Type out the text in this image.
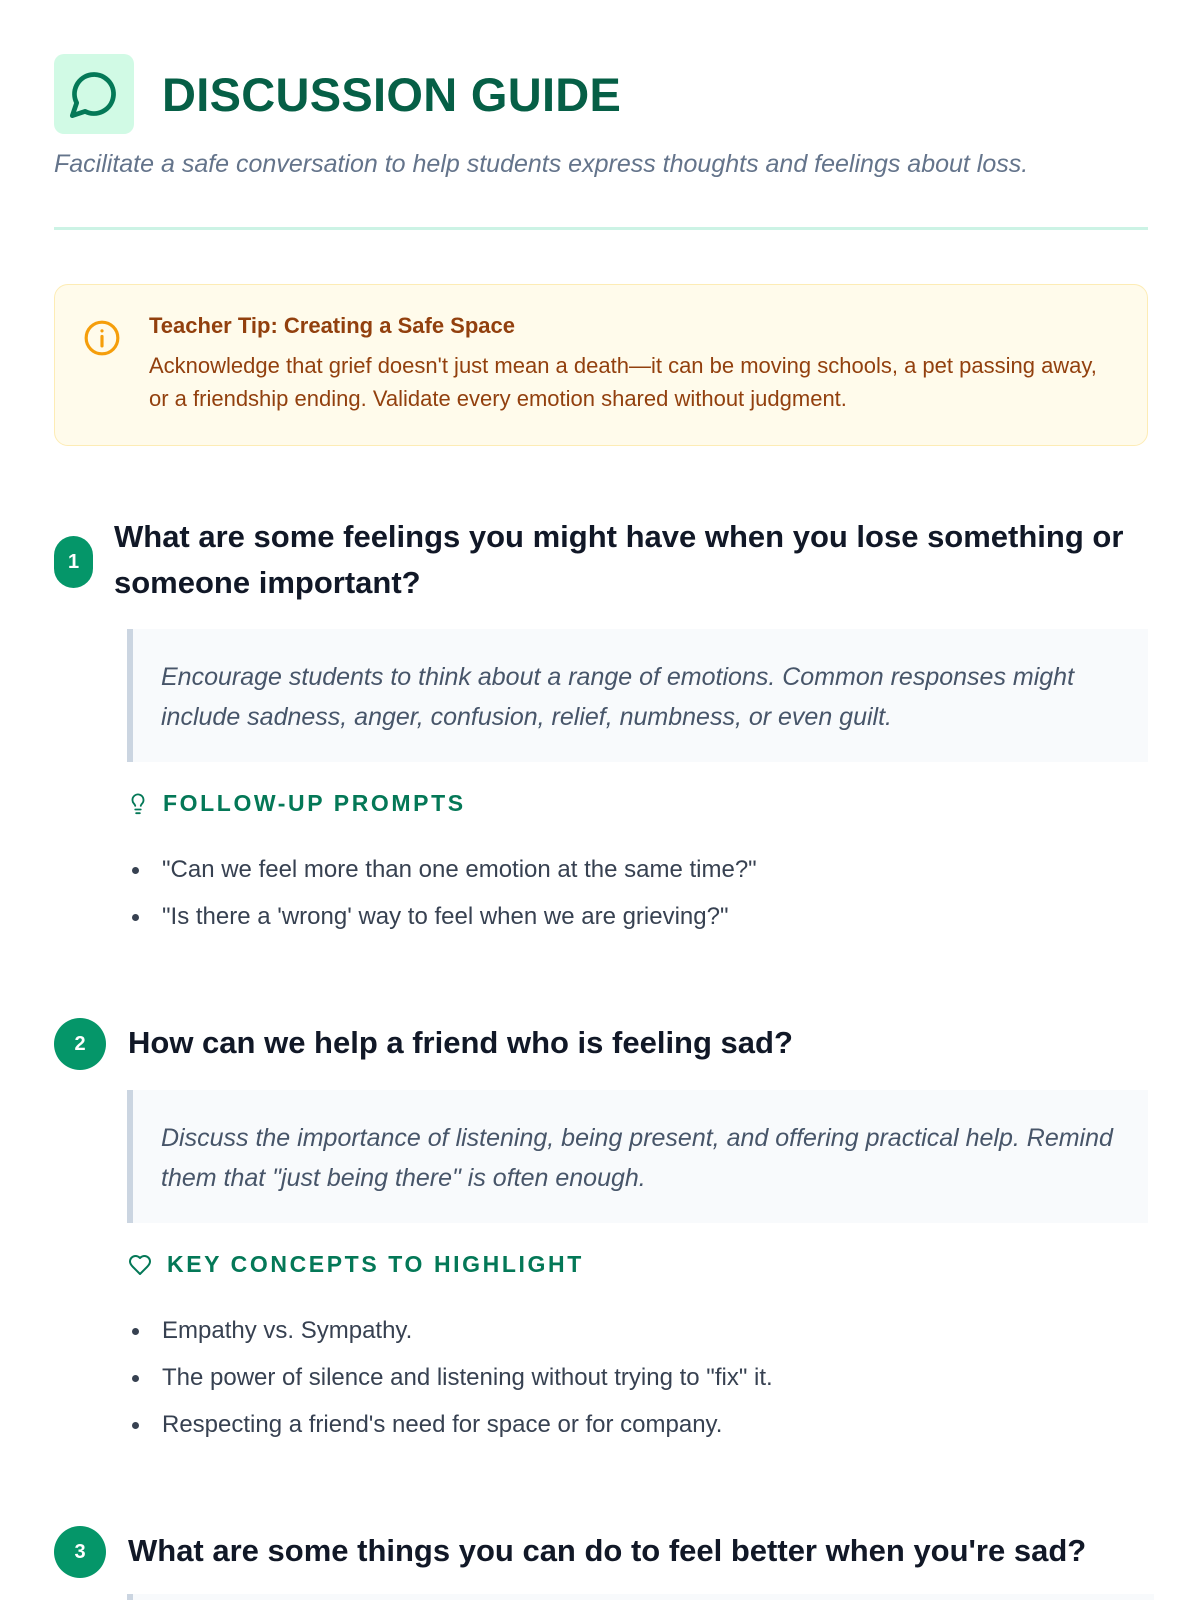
DISCUSSION GUIDE
Facilitate a safe conversation to help students express thoughts and feelings about loss.
Teacher Tip: Creating a Safe Space
Acknowledge that grief doesn't just mean a death—it can be moving schools, a pet passing away, or a friendship ending. Validate every emotion shared without judgment.
1
What are some feelings you might have when you lose something or someone important?
Encourage students to think about a range of emotions. Common responses might include sadness, anger, confusion, relief, numbness, or even guilt.
FOLLOW-UP PROMPTS
"Can we feel more than one emotion at the same time?"
"Is there a 'wrong' way to feel when we are grieving?"
2	How can we help a friend who is feeling sad?
Discuss the importance of listening, being present, and offering practical help. Remind them that "just being there" is often enough.
KEY CONCEPTS TO HIGHLIGHT
Empathy vs. Sympathy.
The power of silence and listening without trying to "fix" it.
Respecting a friend's need for space or for company.
3	What are some things you can do to feel better when you're sad?
